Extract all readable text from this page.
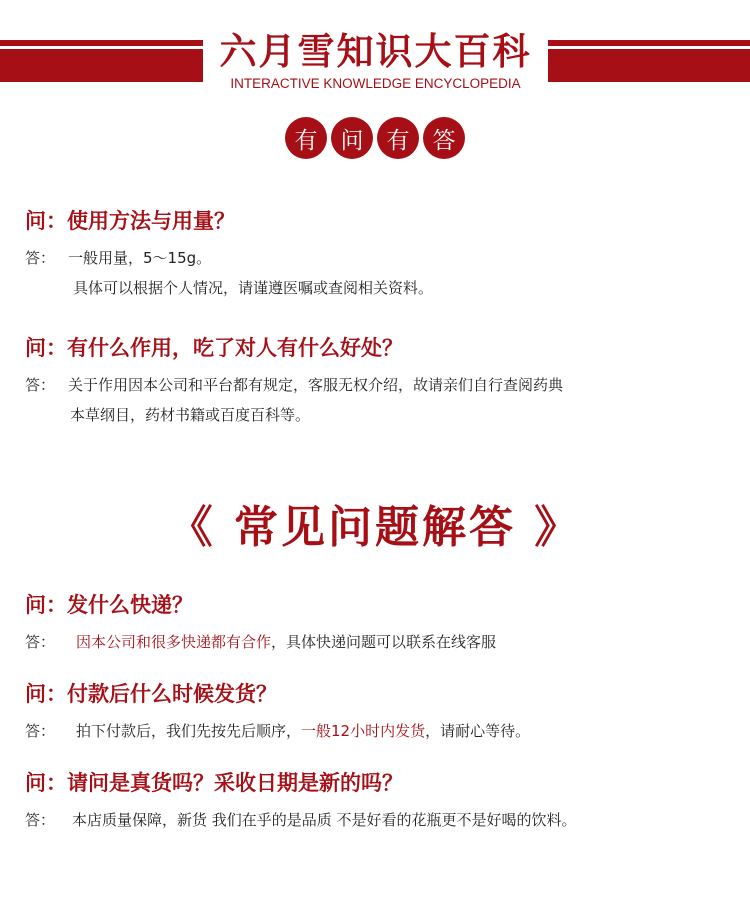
六月雪知识大百科
INTERACTIVE KNOWLEDGE ENCYCLOPEDIA
有	问	有	答
问：使用方法与用量？
答： 一般用量，5～15g。
具体可以根据个人情况，请谨遵医嘱或查阅相关资料。
问：有什么作用，吃了对人有什么好处？
答： 关于作用因本公司和平台都有规定，客服无权介绍，故请亲们自行查阅药典
本草纲目，药材书籍或百度百科等。
《 常见问题解答 》
问：发什么快递？
答： 因本公司和很多快递都有合作，具体快递问题可以联系在线客服
问：付款后什么时候发货？
答： 拍下付款后，我们先按先后顺序，一般12小时内发货，请耐心等待。
问：请问是真货吗？采收日期是新的吗？
答： 本店质量保障，新货 我们在乎的是品质 不是好看的花瓶更不是好喝的饮料。
